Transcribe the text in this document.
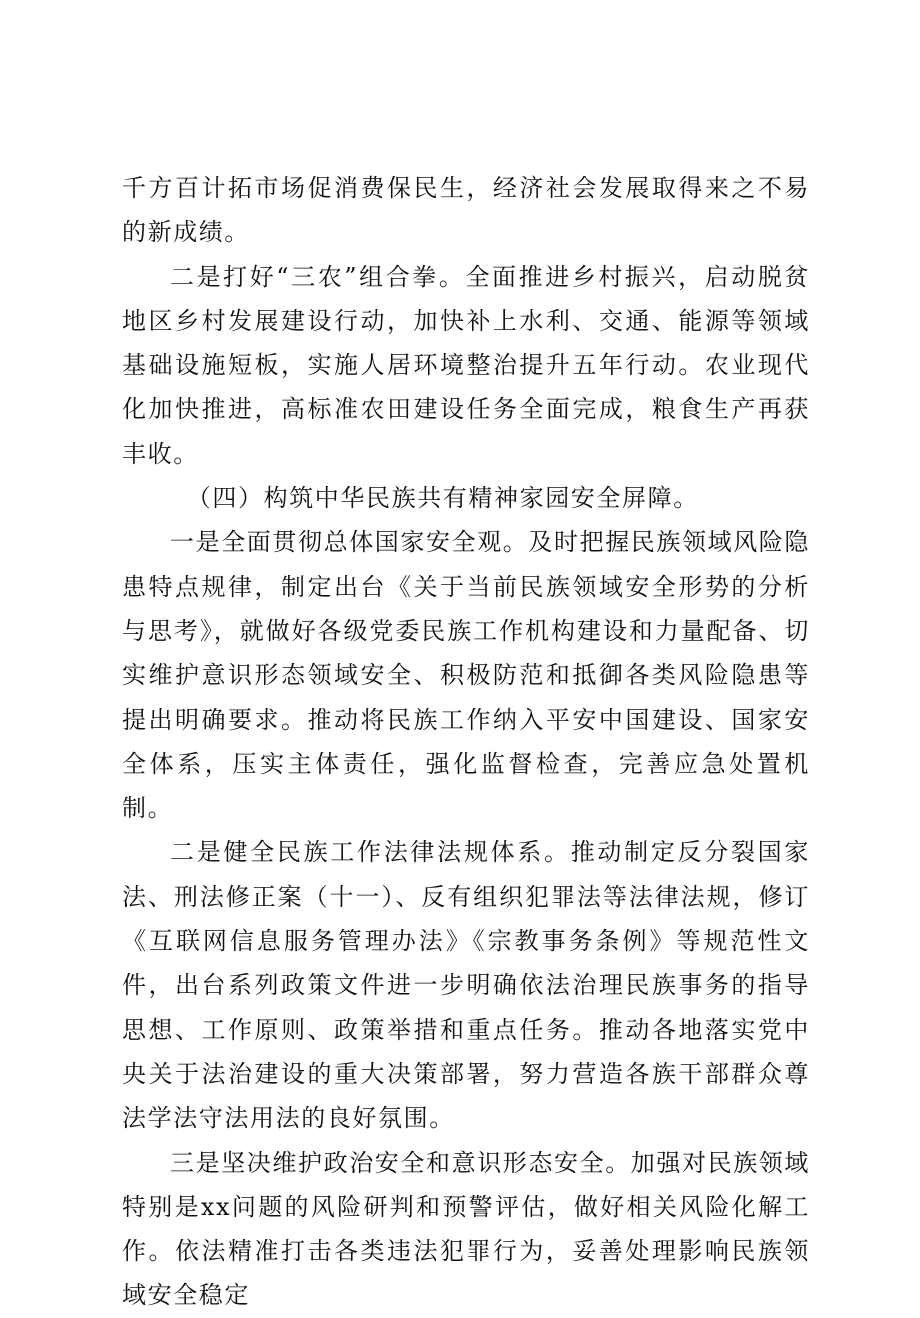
千方百计拓市场促消费保民生，经济社会发展取得来之不易的新成绩。

二是打好“三农”组合拳。全面推进乡村振兴，启动脱贫地区乡村发展建设行动，加快补上水利、交通、能源等领域基础设施短板，实施人居环境整治提升五年行动。农业现代化加快推进，高标准农田建设任务全面完成，粮食生产再获丰收。

（四）构筑中华民族共有精神家园安全屏障。

一是全面贯彻总体国家安全观。及时把握民族领域风险隐患特点规律，制定出台《关于当前民族领域安全形势的分析与思考》，就做好各级党委民族工作机构建设和力量配备、切实维护意识形态领域安全、积极防范和抵御各类风险隐患等提出明确要求。推动将民族工作纳入平安中国建设、国家安全体系，压实主体责任，强化监督检查，完善应急处置机制。

二是健全民族工作法律法规体系。推动制定反分裂国家法、刑法修正案（十一）、反有组织犯罪法等法律法规，修订《互联网信息服务管理办法》《宗教事务条例》等规范性文件，出台系列政策文件进一步明确依法治理民族事务的指导思想、工作原则、政策举措和重点任务。推动各地落实党中央关于法治建设的重大决策部署，努力营造各族干部群众尊法学法守法用法的良好氛围。

三是坚决维护政治安全和意识形态安全。加强对民族领域特别是xx问题的风险研判和预警评估，做好相关风险化解工作。依法精准打击各类违法犯罪行为，妥善处理影响民族领域安全稳定
